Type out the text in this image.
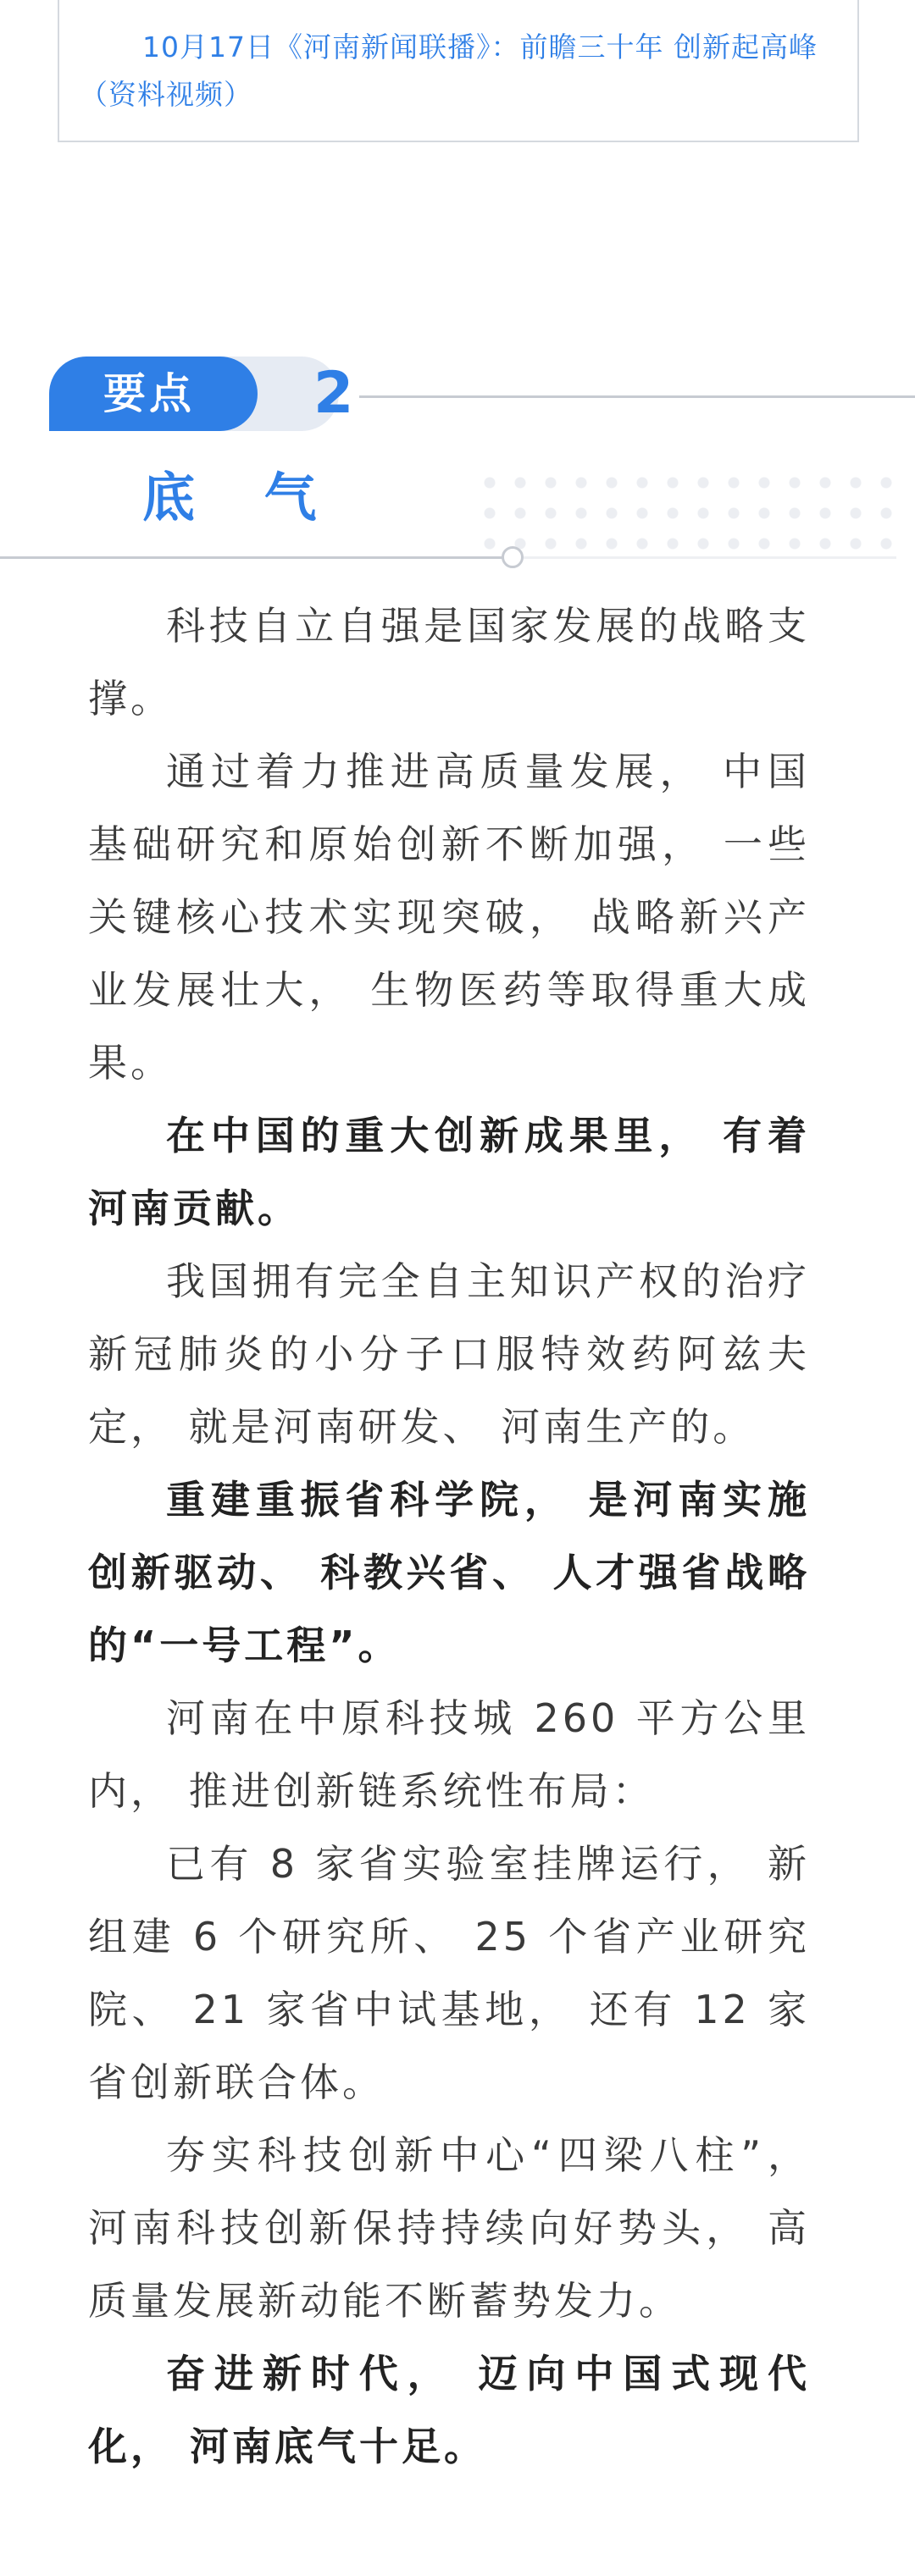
10月17日《河南新闻联播》：前瞻三十年 创新起高峰（资料视频）

要点 2
底 气

科技自立自强是国家发展的战略支撑。

通过着力推进高质量发展， 中国基础研究和原始创新不断加强， 一些关键核心技术实现突破， 战略新兴产业发展壮大， 生物医药等取得重大成果。

在中国的重大创新成果里， 有着河南贡献。

我国拥有完全自主知识产权的治疗新冠肺炎的小分子口服特效药阿兹夫定， 就是河南研发、 河南生产的。

重建重振省科学院， 是河南实施创新驱动、 科教兴省、 人才强省战略的“一号工程”。

河南在中原科技城 260 平方公里内， 推进创新链系统性布局：

已有 8 家省实验室挂牌运行， 新组建 6 个研究所、 25 个省产业研究院、 21 家省中试基地， 还有 12 家省创新联合体。

夯实科技创新中心“四梁八柱”， 河南科技创新保持持续向好势头， 高质量发展新动能不断蓄势发力。

奋进新时代， 迈向中国式现代化， 河南底气十足。
